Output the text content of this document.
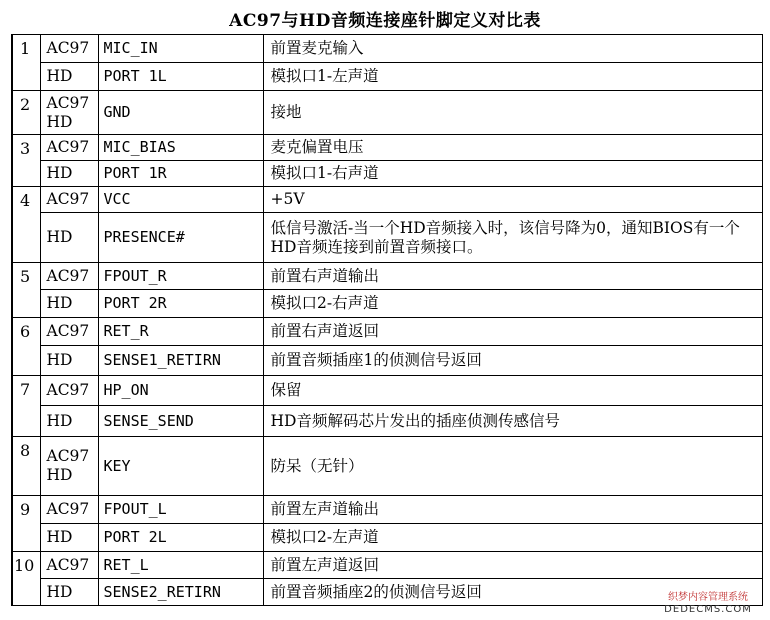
AC97与HD音频连接座针脚定义对比表
1	AC97	MIC_IN	前置麦克输入
	HD	PORT 1L	模拟口1-左声道
2	AC97 HD	GND	接地
3	AC97	MIC_BIAS	麦克偏置电压
	HD	PORT 1R	模拟口1-右声道
4	AC97	VCC	+5V
	HD	PRESENCE#	低信号激活-当一个HD音频接入时，该信号降为0，通知BIOS有一个HD音频连接到前置音频接口。
5	AC97	FPOUT_R	前置右声道输出
	HD	PORT 2R	模拟口2-右声道
6	AC97	RET_R	前置右声道返回
	HD	SENSE1_RETIRN	前置音频插座1的侦测信号返回
7	AC97	HP_ON	保留
	HD	SENSE_SEND	HD音频解码芯片发出的插座侦测传感信号
8	AC97 HD	KEY	防呆（无针）
9	AC97	FPOUT_L	前置左声道输出
	HD	PORT 2L	模拟口2-左声道
10	AC97	RET_L	前置左声道返回
	HD	SENSE2_RETIRN	前置音频插座2的侦测信号返回	织梦内容管理系统
DEDECMS.COM
